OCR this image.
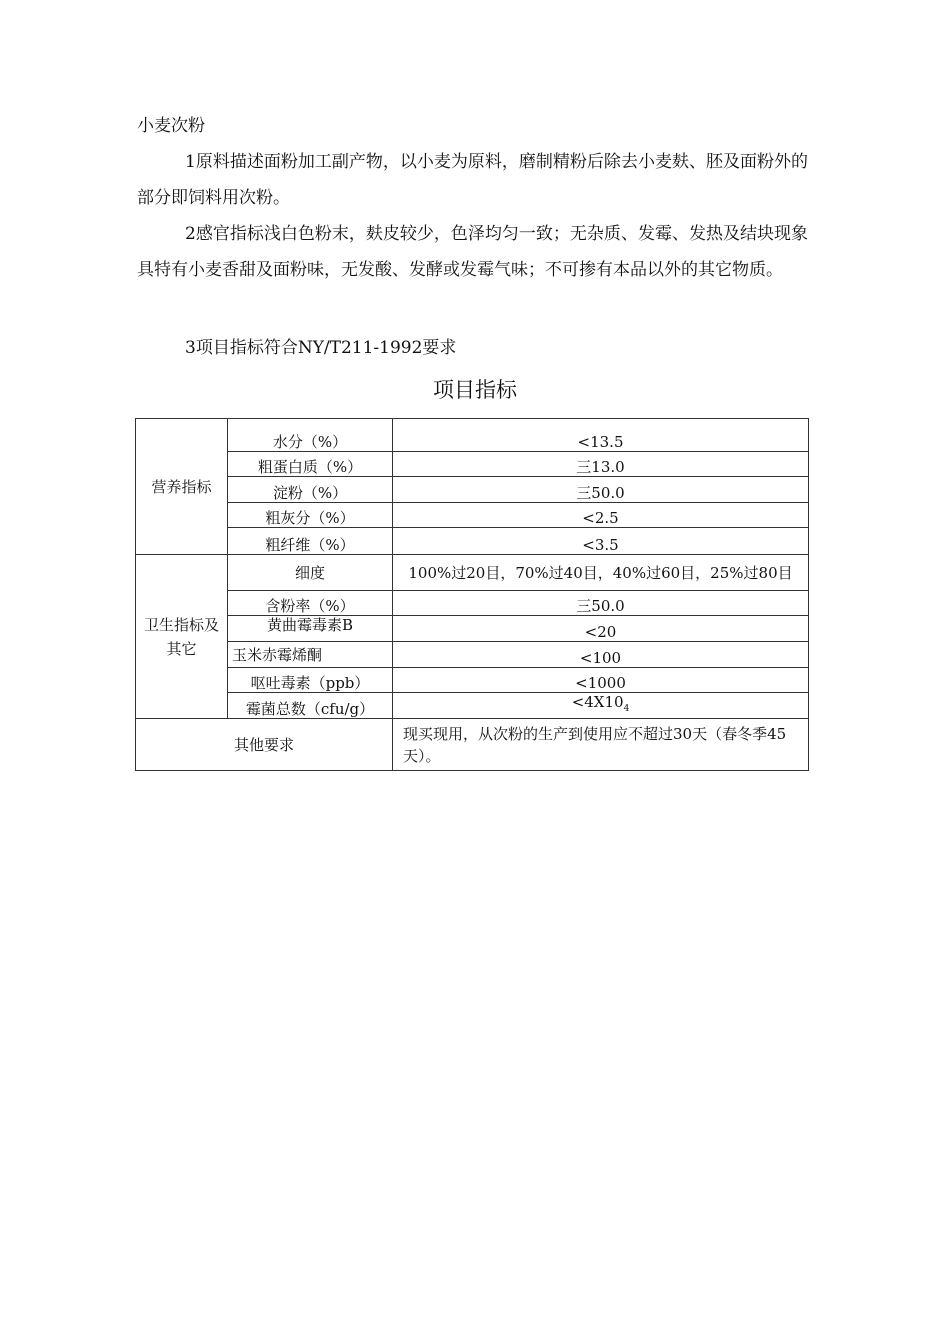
小麦次粉
1原料描述面粉加工副产物，以小麦为原料，磨制精粉后除去小麦麸、胚及面粉外的部分即饲料用次粉。
2感官指标浅白色粉末，麸皮较少，色泽均匀一致；无杂质、发霉、发热及结块现象具特有小麦香甜及面粉味，无发酸、发酵或发霉气味；不可掺有本品以外的其它物质。
3项目指标符合NY/T211-1992要求
项目指标
营养指标	水分（%）	<13.5
	粗蛋白质（%）	三13.0
	淀粉（%）	三50.0
	粗灰分（%）	<2.5
	粗纤维（%）	<3.5
卫生指标及其它	细度	100%过20目，70%过40目，40%过60目，25%过80目
	含粉率（%）	三50.0
	黄曲霉毒素B	<20
	玉米赤霉烯酮	<100
	呕吐毒素（ppb）	<1000
	霉菌总数（cfu/g）	$<4X10_4$
其他要求		现买现用，从次粉的生产到使用应不超过30天（春冬季45天）。
